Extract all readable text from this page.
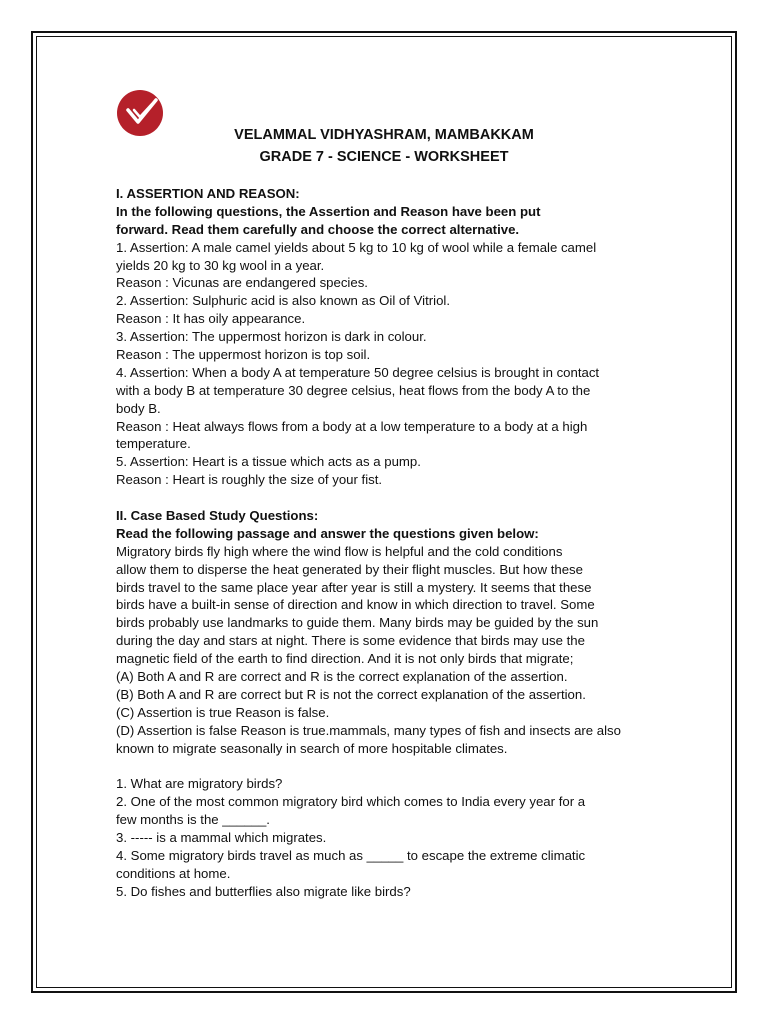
VELAMMAL VIDHYASHRAM, MAMBAKKAM
GRADE 7 - SCIENCE - WORKSHEET
I. ASSERTION AND REASON:
In the following questions, the Assertion and Reason have been put
forward. Read them carefully and choose the correct alternative.
1. Assertion: A male camel yields about 5 kg to 10 kg of wool while a female camel
yields 20 kg to 30 kg wool in a year.
Reason : Vicunas are endangered species.
2. Assertion: Sulphuric acid is also known as Oil of Vitriol.
Reason : It has oily appearance.
3. Assertion: The uppermost horizon is dark in colour.
Reason : The uppermost horizon is top soil.
4. Assertion: When a body A at temperature 50 degree celsius is brought in contact
with a body B at temperature 30 degree celsius, heat flows from the body A to the
body B.
Reason : Heat always flows from a body at a low temperature to a body at a high
temperature.
5. Assertion: Heart is a tissue which acts as a pump.
Reason : Heart is roughly the size of your fist.
II. Case Based Study Questions:
Read the following passage and answer the questions given below:
Migratory birds fly high where the wind flow is helpful and the cold conditions
allow them to disperse the heat generated by their flight muscles. But how these
birds travel to the same place year after year is still a mystery. It seems that these
birds have a built-in sense of direction and know in which direction to travel. Some
birds probably use landmarks to guide them. Many birds may be guided by the sun
during the day and stars at night. There is some evidence that birds may use the
magnetic field of the earth to find direction. And it is not only birds that migrate;
(A) Both A and R are correct and R is the correct explanation of the assertion.
(B) Both A and R are correct but R is not the correct explanation of the assertion.
(C) Assertion is true Reason is false.
(D) Assertion is false Reason is true.mammals, many types of fish and insects are also
known to migrate seasonally in search of more hospitable climates.
1. What are migratory birds?
2. One of the most common migratory bird which comes to India every year for a
few months is the ______.
3. ----- is a mammal which migrates.
4. Some migratory birds travel as much as _____ to escape the extreme climatic
conditions at home.
5. Do fishes and butterflies also migrate like birds?
